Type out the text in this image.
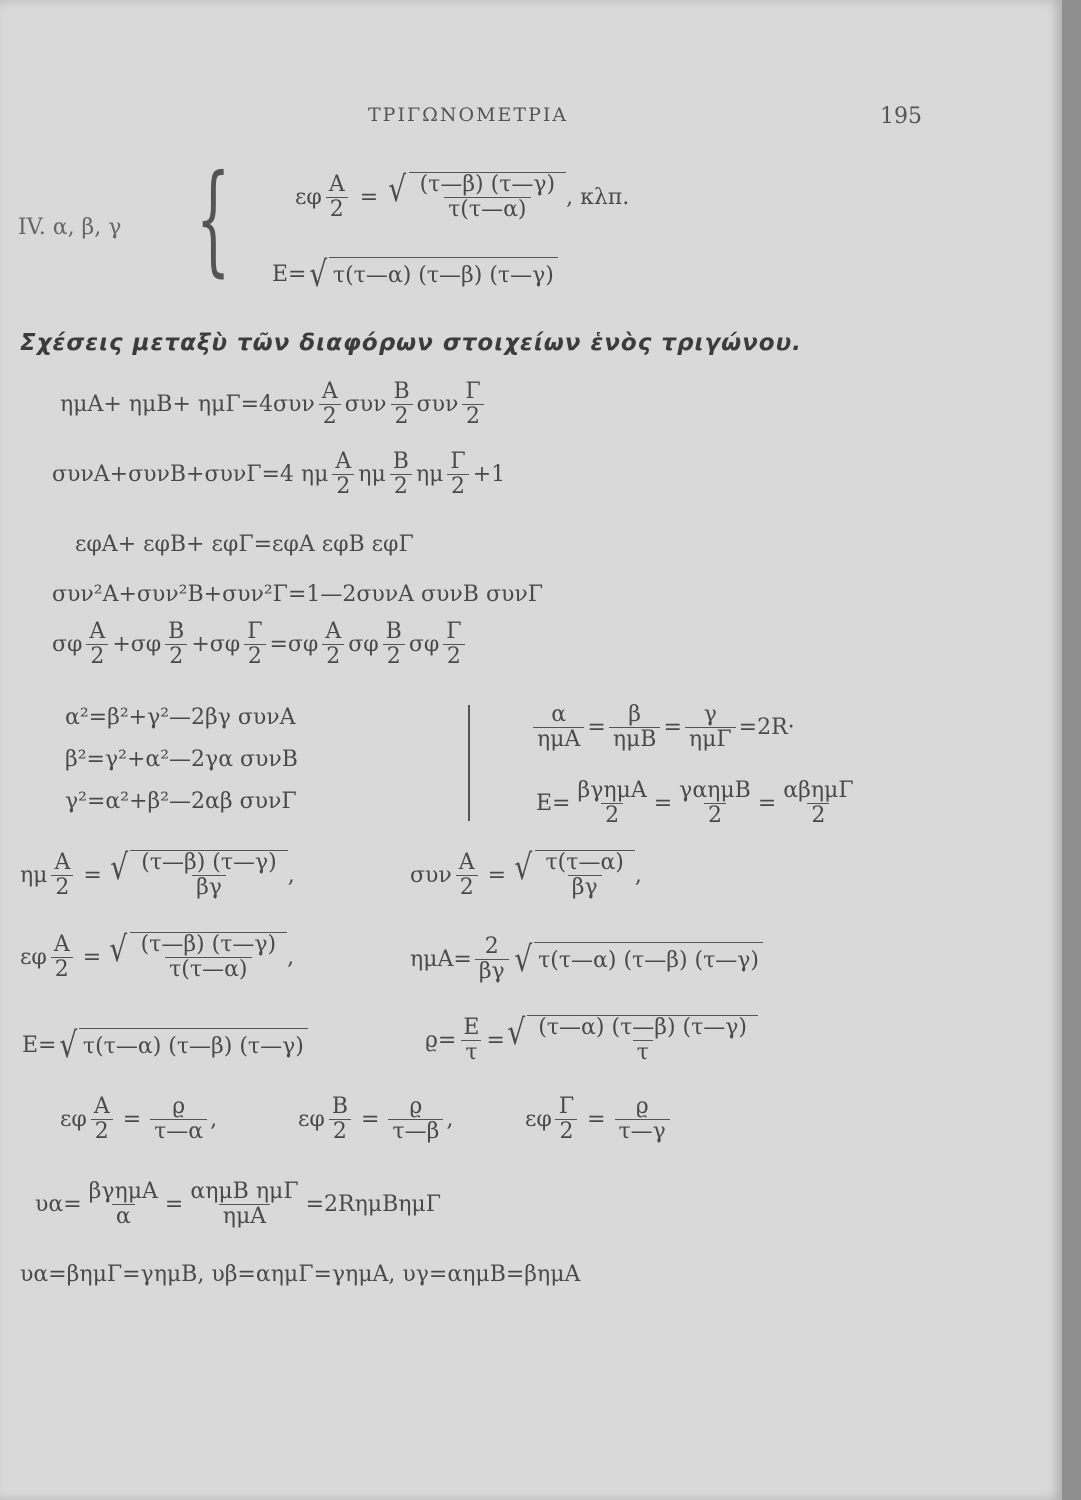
ΤΡΙΓΩΝΟΜΕΤΡΙΑ	195
IV. α, β, γ {	εφ $\frac{A}{2}$ = √ $\frac{(\tau—\beta) (\tau—\gamma)}{\tau(\tau—\alpha)}$ , κλπ.
E= √ τ(τ—α) (τ—β) (τ—γ)
Σχέσεις μεταξὺ τῶν διαφόρων στοιχείων ἑνὸς τριγώνου.
$\eta\mu A+ \eta\mu B+ \eta\mu\Gamma=4\sigma\upsilon\nu \frac{A}{2}$ συν $\frac{B}{2}$ συν $\frac{\Gamma}{2}$
συνA+συνB+συνΓ=4 ημ $\frac{A}{2}$ ημ $\frac{B}{2}$ ημ $\frac{\Gamma}{2} +1$
εφA+ εφB+ εφΓ=εφA εφB εφΓ
συν²A+συν²B+συν²Γ=1—2συνA συνB συνΓ
σφ $\frac{A}{2} +\sigma\varphi \frac{B}{2} +\sigma\varphi \frac{\Gamma}{2} =\sigma\varphi \frac{A}{2}$ σφ $\frac{B}{2}$ σφ $\frac{\Gamma}{2}$
α²=β²+γ²—2βγ συνA
β²=γ²+α²—2γα συνB
γ²=α²+β²—2αβ συνΓ
$\frac{\alpha}{\text{ημA}} = \frac{\beta}{\text{ημB}} = \frac{\gamma}{\text{ημΓ}} =2R\cdot$
$E= \frac{\text{βγημA}}{2} = \frac{\text{γαημB}}{2} = \frac{\text{αβημΓ}}{2}$
ημ $\frac{A}{2}$ = √ $\frac{(\tau—\beta) (\tau—\gamma)}{\beta\gamma}$ ,	συν $\frac{A}{2}$ = √ $\frac{\tau(\tau—\alpha)}{\beta\gamma}$ ,
εφ $\frac{A}{2}$ = √ $\frac{(\tau—\beta) (\tau—\gamma)}{\tau(\tau—\alpha)}$ ,	$\eta\mu A= \frac{2}{\beta\gamma}$ √ τ(τ—α) (τ—β) (τ—γ)
E= √ τ(τ—α) (τ—β) (τ—γ)	$ϱ= \frac{E}{\tau}$ = √ $\frac{(\tau—\alpha) (\tau—\beta) (\tau—\gamma)}{\tau}$
εφ $\frac{A}{2} = \frac{ϱ}{\tau—\alpha}$ ,	εφ $\frac{B}{2} = \frac{ϱ}{\tau—\beta}$ ,	εφ $\frac{\Gamma}{2} = \frac{ϱ}{\tau—\gamma}$
$\upsilon\alpha= \frac{\text{βγημA}}{\alpha} = \frac{\text{αημB ημΓ}}{\text{ημA}} =2R\eta\mu B\eta\mu\Gamma$
υα=βημΓ=γημB, υβ=αημΓ=γημA, υγ=αημB=βημA
